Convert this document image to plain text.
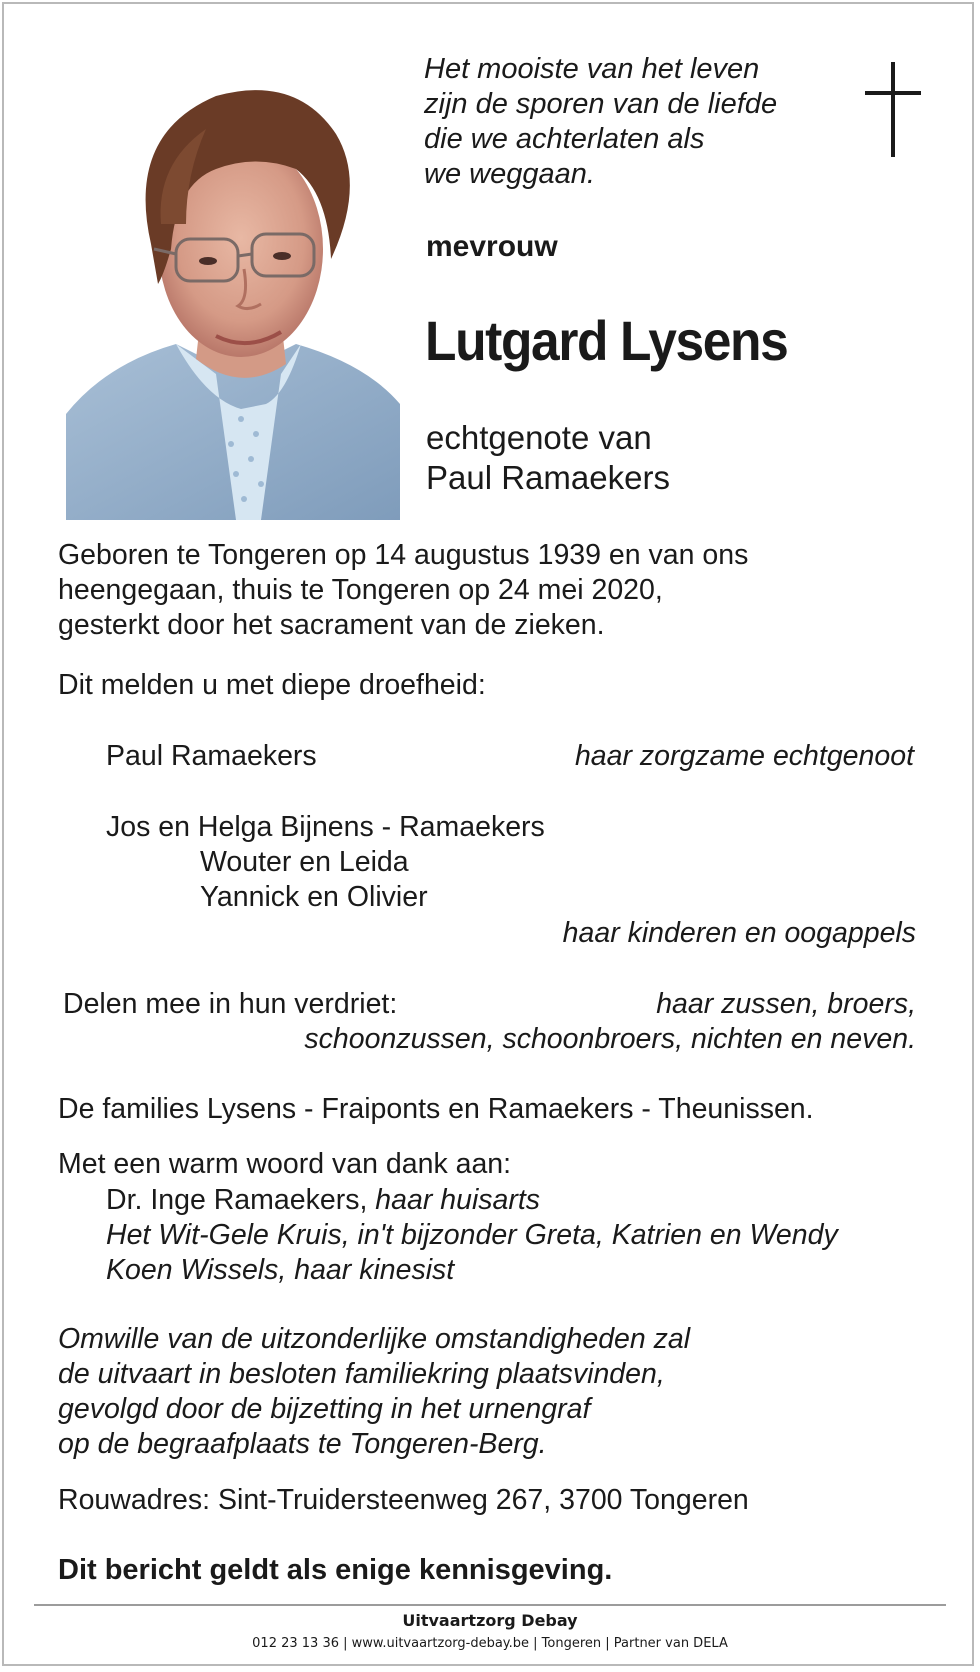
Het mooiste van het leven
zijn de sporen van de liefde
die we achterlaten als
we weggaan.
mevrouw
Lutgard Lysens
echtgenote van
Paul Ramaekers
Geboren te Tongeren op 14 augustus 1939 en van ons
heengegaan, thuis te Tongeren op 24 mei 2020,
gesterkt door het sacrament van de zieken.
Dit melden u met diepe droefheid:
Paul Ramaekers	haar zorgzame echtgenoot
Jos en Helga Bijnens - Ramaekers
Wouter en Leida
Yannick en Olivier
haar kinderen en oogappels
Delen mee in hun verdriet:	haar zussen, broers,
schoonzussen, schoonbroers, nichten en neven.
De families Lysens - Fraiponts en Ramaekers - Theunissen.
Met een warm woord van dank aan:
Dr. Inge Ramaekers, haar huisarts
Het Wit-Gele Kruis, in't bijzonder Greta, Katrien en Wendy
Koen Wissels, haar kinesist
Omwille van de uitzonderlijke omstandigheden zal
de uitvaart in besloten familiekring plaatsvinden,
gevolgd door de bijzetting in het urnengraf
op de begraafplaats te Tongeren-Berg.
Rouwadres: Sint-Truidersteenweg 267, 3700 Tongeren
Dit bericht geldt als enige kennisgeving.
Uitvaartzorg Debay
012 23 13 36 | www.uitvaartzorg-debay.be | Tongeren | Partner van DELA
